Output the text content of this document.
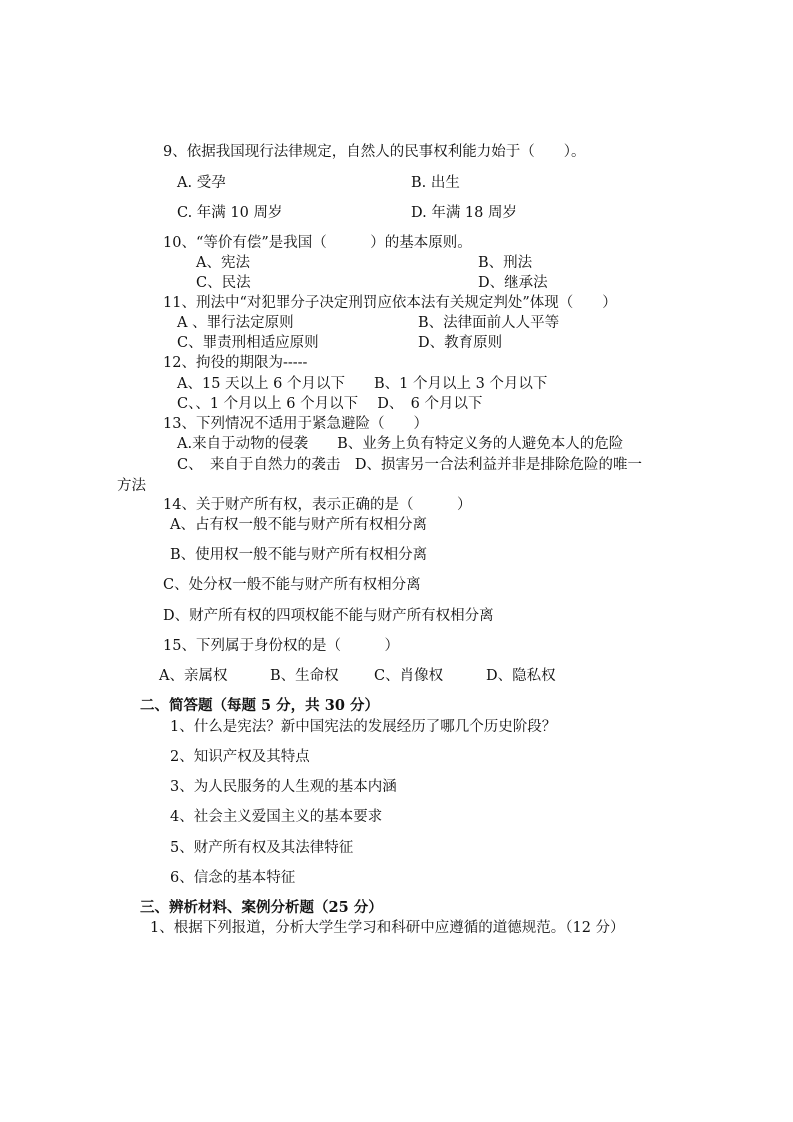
9、依据我国现行法律规定，自然人的民事权利能力始于（　　）。
A. 受孕	B. 出生
C. 年满 10 周岁	D. 年满 18 周岁
10、“等价有偿”是我国（　　　）的基本原则。
A、宪法	B、刑法
C、民法	D、继承法
11、刑法中“对犯罪分子决定刑罚应依本法有关规定判处”体现（　　）
A 、罪行法定原则	B、法律面前人人平等
C、罪责刑相适应原则	D、教育原则
12、拘役的期限为-----
A、15 天以上 6 个月以下　　B、1 个月以上 3 个月以下
C、、1 个月以上 6 个月以下　 D、　6 个月以下
13、下列情况不适用于紧急避险（　　）
A.来自于动物的侵袭　　B、业务上负有特定义务的人避免本人的危险
C、　来自于自然力的袭击　D、损害另一合法利益并非是排除危险的唯一
方法
14、关于财产所有权，表示正确的是（　　　）
A、占有权一般不能与财产所有权相分离
B、使用权一般不能与财产所有权相分离
C、处分权一般不能与财产所有权相分离
D、财产所有权的四项权能不能与财产所有权相分离
15、下列属于身份权的是（　　　）
A、亲属权	B、生命权 C、肖像权	D、隐私权
二、简答题（每题 5 分，共 30 分）
1、什么是宪法？新中国宪法的发展经历了哪几个历史阶段？
2、知识产权及其特点
3、为人民服务的人生观的基本内涵
4、社会主义爱国主义的基本要求
5、财产所有权及其法律特征
6、信念的基本特征
三、辨析材料、案例分析题（25 分）
1、根据下列报道，分析大学生学习和科研中应遵循的道德规范。（12 分）
